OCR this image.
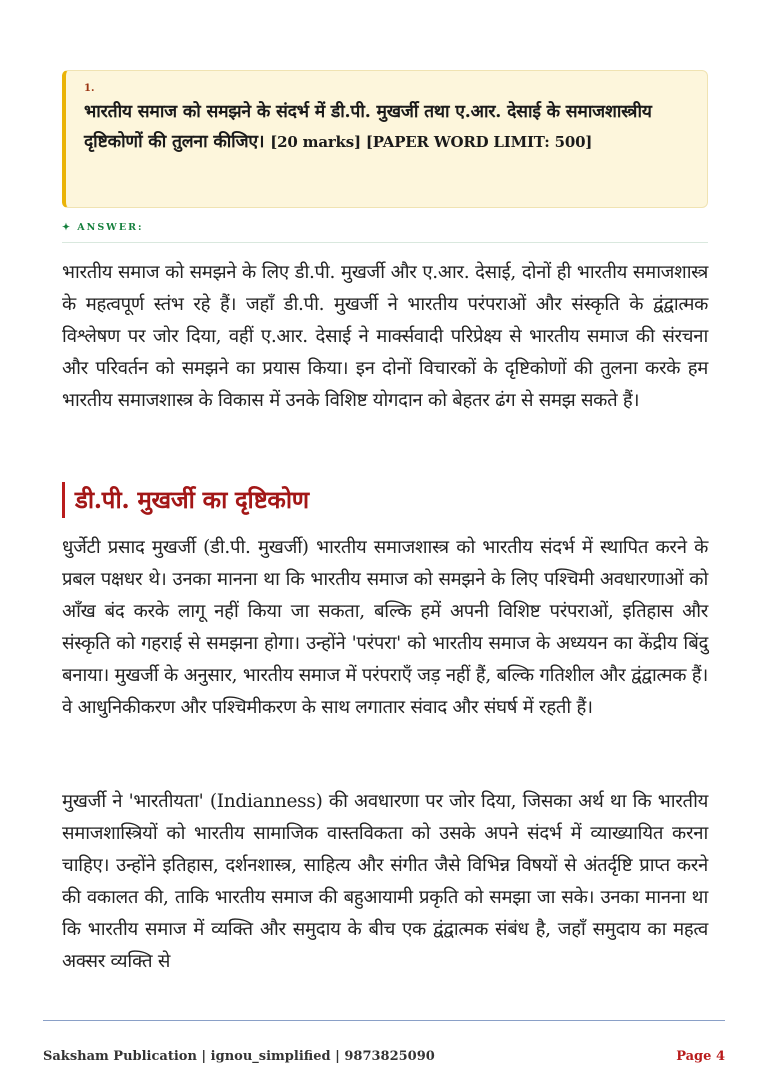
1.
भारतीय समाज को समझने के संदर्भ में डी.पी. मुखर्जी तथा ए.आर. देसाई के समाजशास्त्रीय दृष्टिकोणों की तुलना कीजिए। [20 marks] [PAPER WORD LIMIT: 500]
✦ ANSWER:
भारतीय समाज को समझने के लिए डी.पी. मुखर्जी और ए.आर. देसाई, दोनों ही भारतीय समाजशास्त्र के महत्वपूर्ण स्तंभ रहे हैं। जहाँ डी.पी. मुखर्जी ने भारतीय परंपराओं और संस्कृति के द्वंद्वात्मक विश्लेषण पर जोर दिया, वहीं ए.आर. देसाई ने मार्क्सवादी परिप्रेक्ष्य से भारतीय समाज की संरचना और परिवर्तन को समझने का प्रयास किया। इन दोनों विचारकों के दृष्टिकोणों की तुलना करके हम भारतीय समाजशास्त्र के विकास में उनके विशिष्ट योगदान को बेहतर ढंग से समझ सकते हैं।
डी.पी. मुखर्जी का दृष्टिकोण
धुर्जेटी प्रसाद मुखर्जी (डी.पी. मुखर्जी) भारतीय समाजशास्त्र को भारतीय संदर्भ में स्थापित करने के प्रबल पक्षधर थे। उनका मानना था कि भारतीय समाज को समझने के लिए पश्चिमी अवधारणाओं को आँख बंद करके लागू नहीं किया जा सकता, बल्कि हमें अपनी विशिष्ट परंपराओं, इतिहास और संस्कृति को गहराई से समझना होगा। उन्होंने 'परंपरा' को भारतीय समाज के अध्ययन का केंद्रीय बिंदु बनाया। मुखर्जी के अनुसार, भारतीय समाज में परंपराएँ जड़ नहीं हैं, बल्कि गतिशील और द्वंद्वात्मक हैं। वे आधुनिकीकरण और पश्चिमीकरण के साथ लगातार संवाद और संघर्ष में रहती हैं।
मुखर्जी ने 'भारतीयता' (Indianness) की अवधारणा पर जोर दिया, जिसका अर्थ था कि भारतीय समाजशास्त्रियों को भारतीय सामाजिक वास्तविकता को उसके अपने संदर्भ में व्याख्यायित करना चाहिए। उन्होंने इतिहास, दर्शनशास्त्र, साहित्य और संगीत जैसे विभिन्न विषयों से अंतर्दृष्टि प्राप्त करने की वकालत की, ताकि भारतीय समाज की बहुआयामी प्रकृति को समझा जा सके। उनका मानना था कि भारतीय समाज में व्यक्ति और समुदाय के बीच एक द्वंद्वात्मक संबंध है, जहाँ समुदाय का महत्व अक्सर व्यक्ति से
Saksham Publication | ignou_simplified | 9873825090	Page 4
